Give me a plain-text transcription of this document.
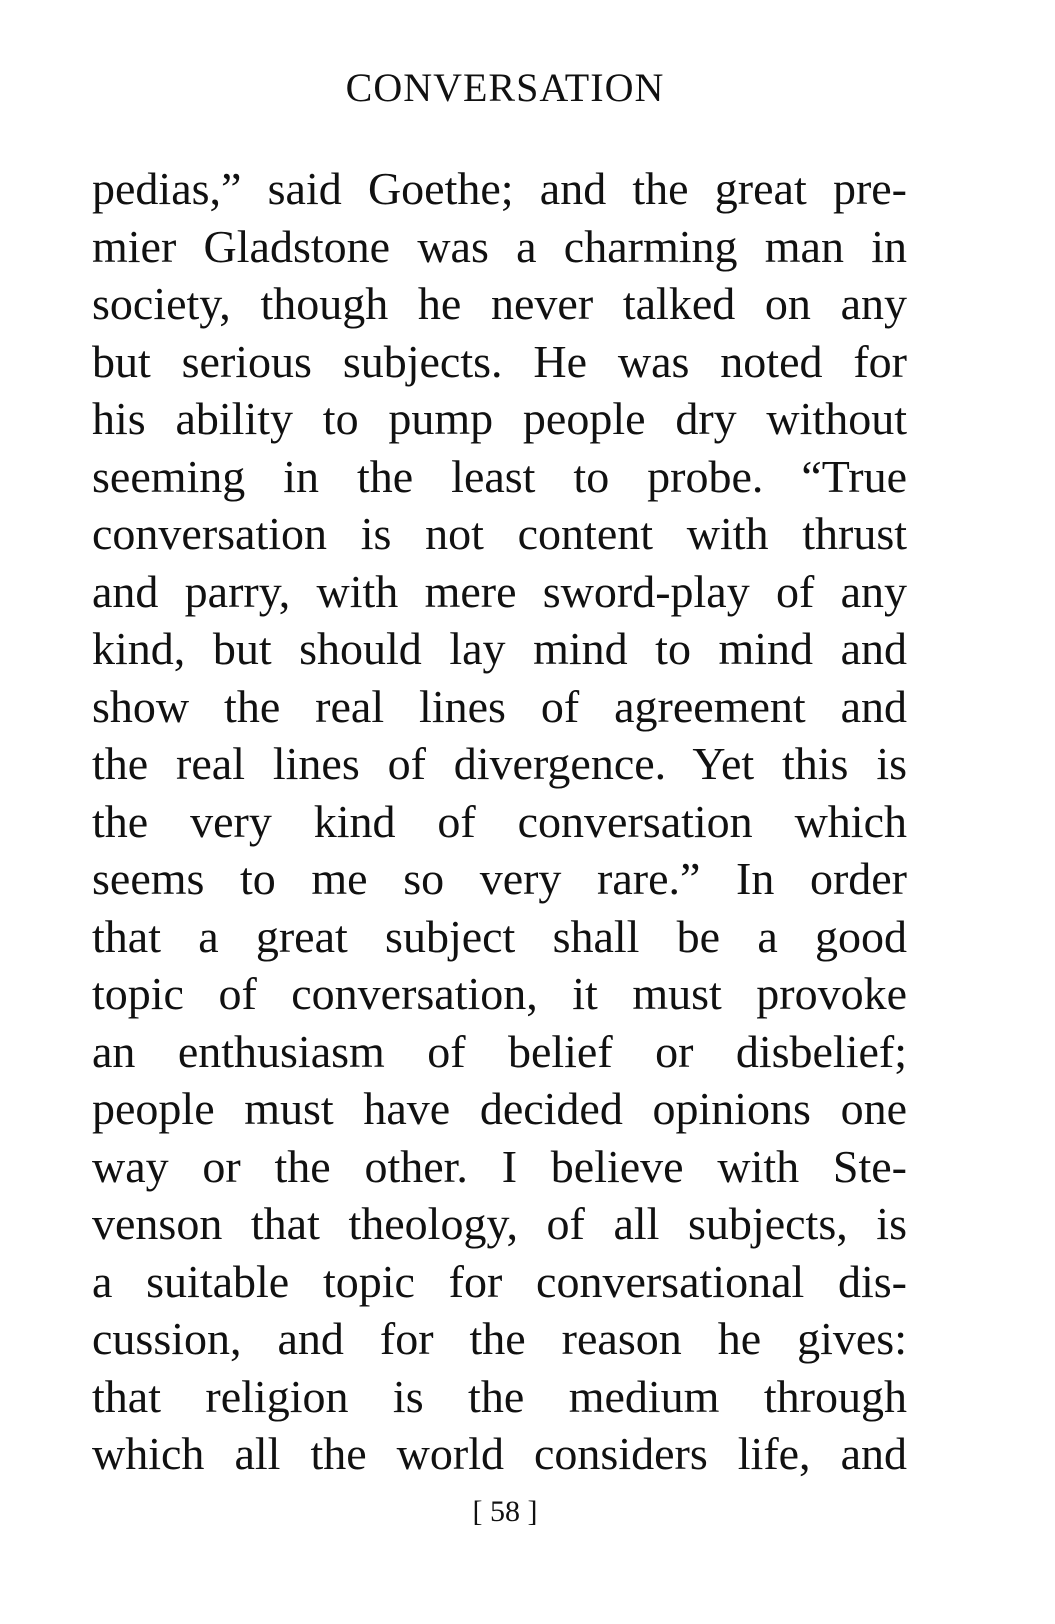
CONVERSATION
pedias,” said Goethe; and the great pre-
mier Gladstone was a charming man in
society, though he never talked on any
but serious subjects. He was noted for
his ability to pump people dry without
seeming in the least to probe. “True
conversation is not content with thrust
and parry, with mere sword-play of any
kind, but should lay mind to mind and
show the real lines of agreement and
the real lines of divergence. Yet this is
the very kind of conversation which
seems to me so very rare.” In order
that a great subject shall be a good
topic of conversation, it must provoke
an enthusiasm of belief or disbelief;
people must have decided opinions one
way or the other. I believe with Ste-
venson that theology, of all subjects, is
a suitable topic for conversational dis-
cussion, and for the reason he gives:
that religion is the medium through
which all the world considers life, and
[ 58 ]
